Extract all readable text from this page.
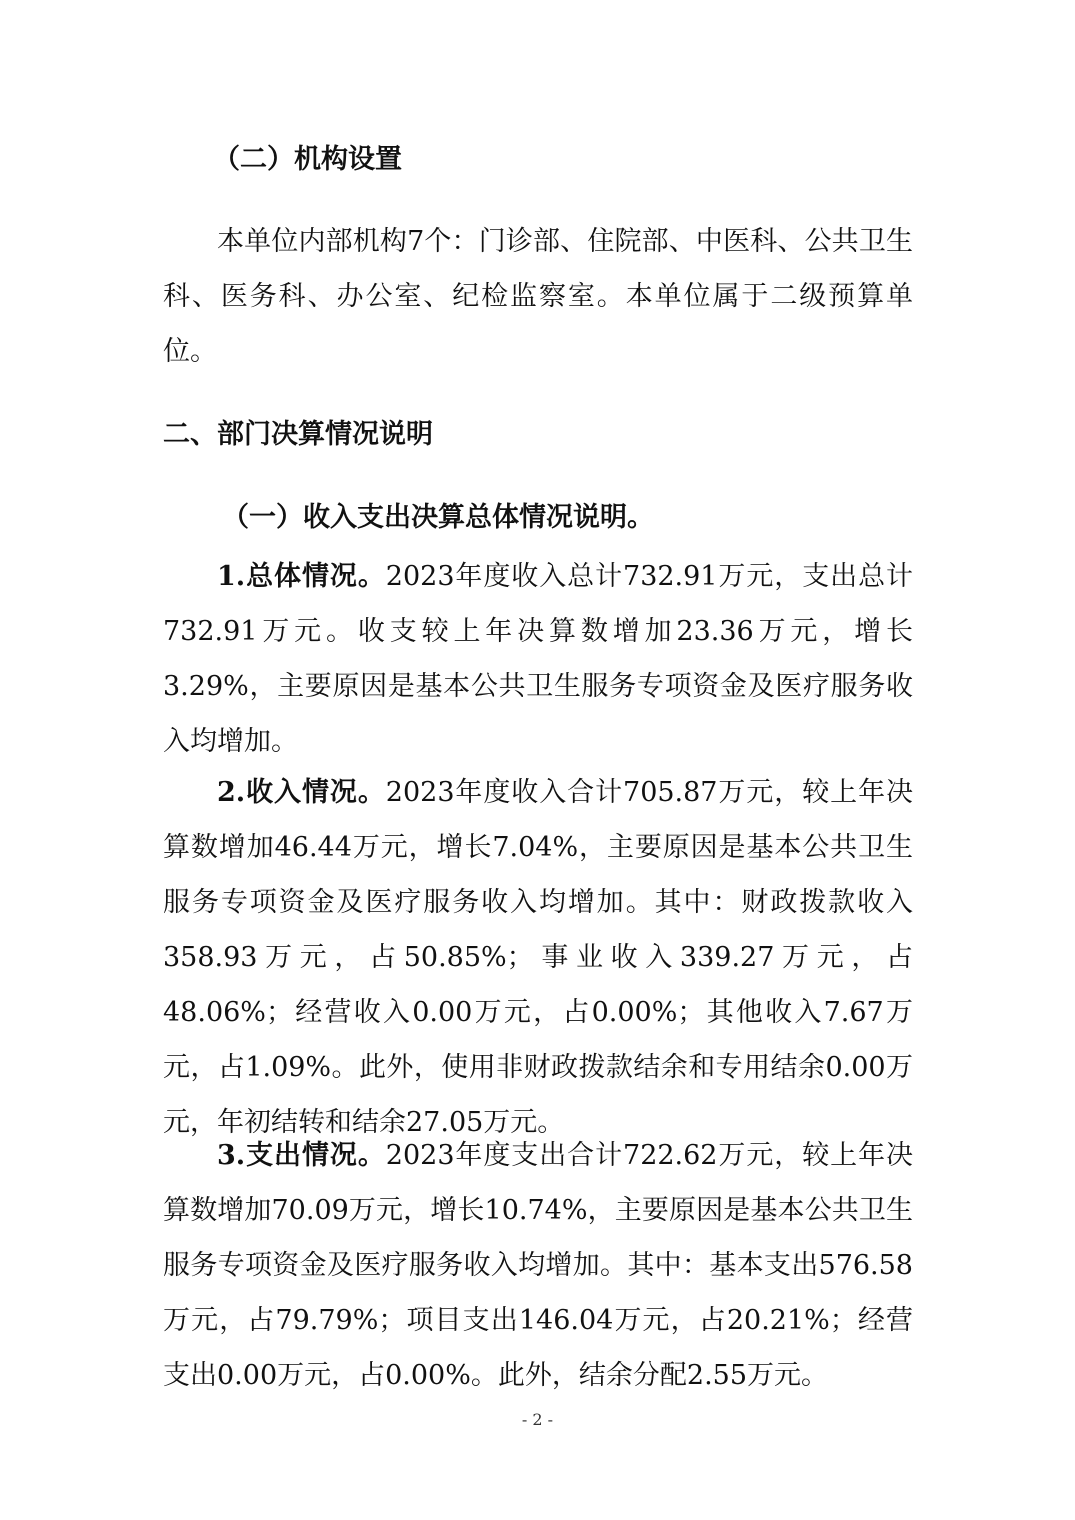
（二）机构设置

本单位内部机构7个：门诊部、住院部、中医科、公共卫生科、医务科、办公室、纪检监察室。本单位属于二级预算单位。

二、部门决算情况说明
（一）收入支出决算总体情况说明。

1.总体情况。2023年度收入总计732.91万元，支出总计732.91万元。收支较上年决算数增加23.36万元，增长3.29%，主要原因是基本公共卫生服务专项资金及医疗服务收入均增加。

2.收入情况。2023年度收入合计705.87万元，较上年决算数增加46.44万元，增长7.04%，主要原因是基本公共卫生服务专项资金及医疗服务收入均增加。其中：财政拨款收入358.93万元，占50.85%；事业收入339.27万元，占48.06%；经营收入0.00万元，占0.00%；其他收入7.67万元，占1.09%。此外，使用非财政拨款结余和专用结余0.00万元，年初结转和结余27.05万元。

3.支出情况。2023年度支出合计722.62万元，较上年决算数增加70.09万元，增长10.74%，主要原因是基本公共卫生服务专项资金及医疗服务收入均增加。其中：基本支出576.58万元，占79.79%；项目支出146.04万元，占20.21%；经营支出0.00万元，占0.00%。此外，结余分配2.55万元。

- 2 -
